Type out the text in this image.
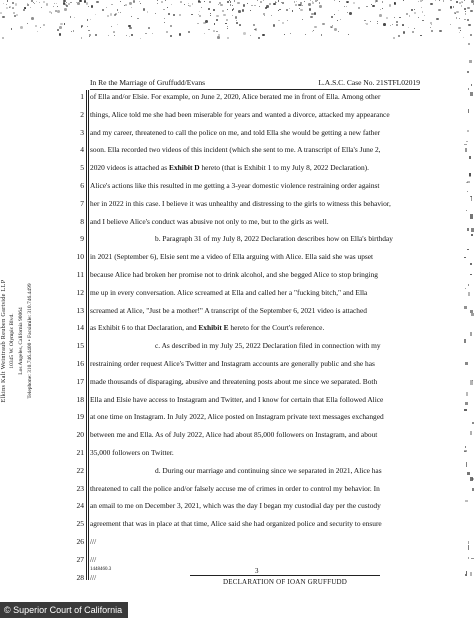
In Re the Marriage of Gruffudd/Evans	L.A.S.C. Case No. 21STFL02019
Elkins Kalt Weintraub Reuben Gartside LLP 10345 W. Olympic Blvd. Los Angeles, California 90064 Telephone: 310.746.4400 • Facsimile: 310.746.4499
1
2
3
4
5
6
7
8
9
10
11
12
13
14
15
16
17
18
19
20
21
22
23
24
25
26
27
28
of Ella and/or Elsie. For example, on June 2, 2020, Alice berated me in front of Ella. Among other
things, Alice told me she had been miserable for years and wanted a divorce, attacked my appearance
and my career, threatened to call the police on me, and told Ella she would be getting a new father
soon. Ella recorded two videos of this incident (which she sent to me. A transcript of Ella's June 2,
2020 videos is attached as Exhibit D hereto (that is Exhibit 1 to my July 8, 2022 Declaration).
Alice's actions like this resulted in me getting a 3-year domestic violence restraining order against
her in 2022 in this case. I believe it was unhealthy and distressing to the girls to witness this behavior,
and I believe Alice's conduct was abusive not only to me, but to the girls as well.
b. Paragraph 31 of my July 8, 2022 Declaration describes how on Ella's birthday
in 2021 (September 6), Elsie sent me a video of Ella arguing with Alice. Ella said she was upset
because Alice had broken her promise not to drink alcohol, and she begged Alice to stop bringing
me up in every conversation. Alice screamed at Ella and called her a "fucking bitch," and Ella
screamed at Alice, "Just be a mother!" A transcript of the September 6, 2021 video is attached
as Exhibit 6 to that Declaration, and Exhibit E hereto for the Court's reference.
c. As described in my July 25, 2022 Declaration filed in connection with my
restraining order request Alice's Twitter and Instagram accounts are generally public and she has
made thousands of disparaging, abusive and threatening posts about me since we separated. Both
Ella and Elsie have access to Instagram and Twitter, and I know for certain that Ella followed Alice
at one time on Instagram. In July 2022, Alice posted on Instagram private text messages exchanged
between me and Ella. As of July 2022, Alice had about 85,000 followers on Instagram, and about
35,000 followers on Twitter.
d. During our marriage and continuing since we separated in 2021, Alice has
threatened to call the police and/or falsely accuse me of crimes in order to control my behavior. In
an email to me on December 3, 2021, which was the day I began my custodial day per the custody
agreement that was in place at that time, Alice said she had organized police and security to ensure
///
///
///
1448460.3	3
DECLARATION OF IOAN GRUFFUDD
© Superior Court of California
